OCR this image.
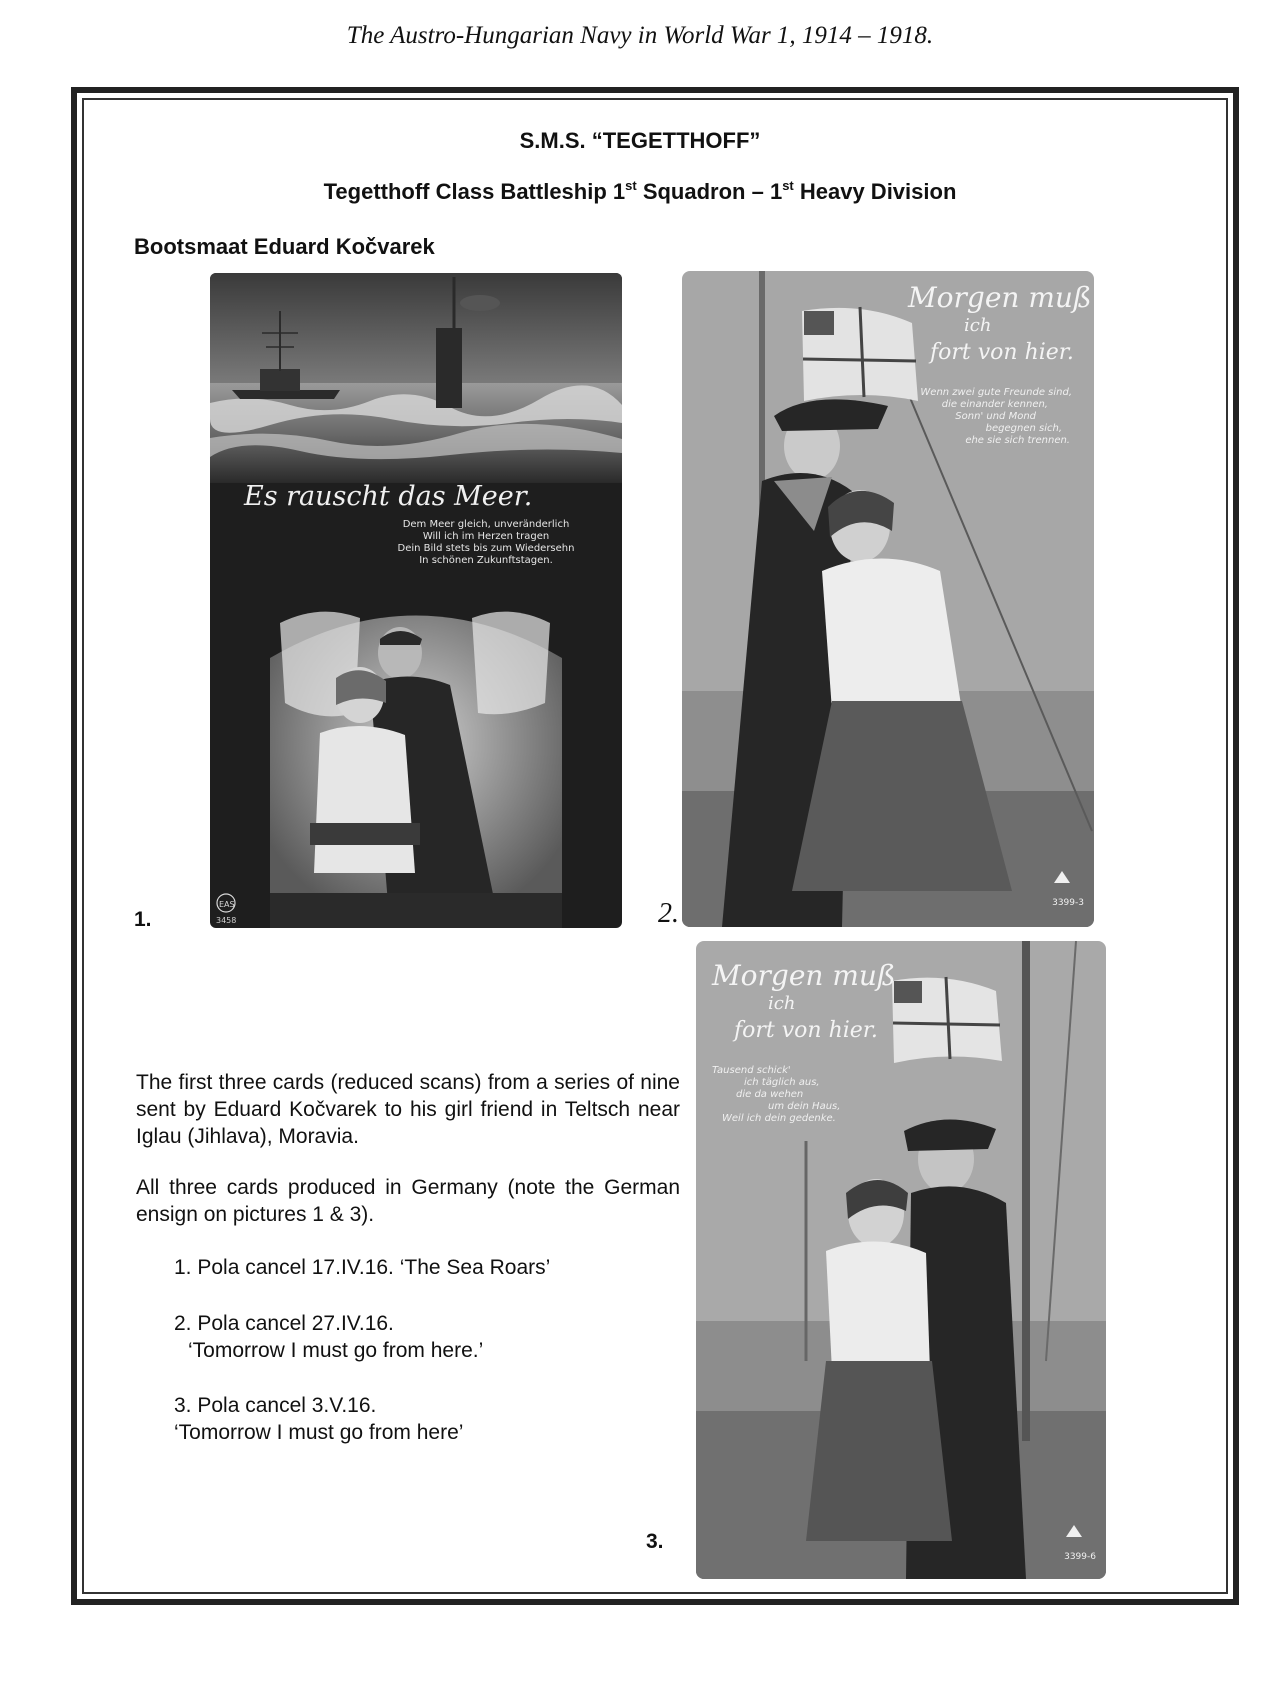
The Austro-Hungarian Navy in World War 1, 1914 – 1918.
S.M.S. “TEGETTHOFF”
Tegetthoff Class Battleship 1st Squadron – 1st Heavy Division
Bootsmaat Eduard Kočvarek
Es rauscht das Meer.
Dem Meer gleich, unveränderlich
Will ich im Herzen tragen
Dein Bild stets bis zum Wiedersehn
In schönen Zukunftstagen.
EAS
3458
Morgen muß
ich
fort von hier.
Wenn zwei gute Freunde sind,
die einander kennen,
Sonn' und Mond
begegnen sich,
ehe sie sich trennen.
3399-3
Morgen muß
ich
fort von hier.
Tausend schick'
ich täglich aus,
die da wehen
um dein Haus,
Weil ich dein gedenke.
3399-6
1.	2.
3.
The first three cards (reduced scans) from a series of nine sent by Eduard Kočvarek to his girl friend in Teltsch near Iglau (Jihlava), Moravia.
All three cards produced in Germany (note the German ensign on pictures 1 & 3).
1. Pola cancel 17.IV.16. ‘The Sea Roars’
2. Pola cancel 27.IV.16.
‘Tomorrow I must go from here.’
3. Pola cancel 3.V.16.
‘Tomorrow I must go from here’
